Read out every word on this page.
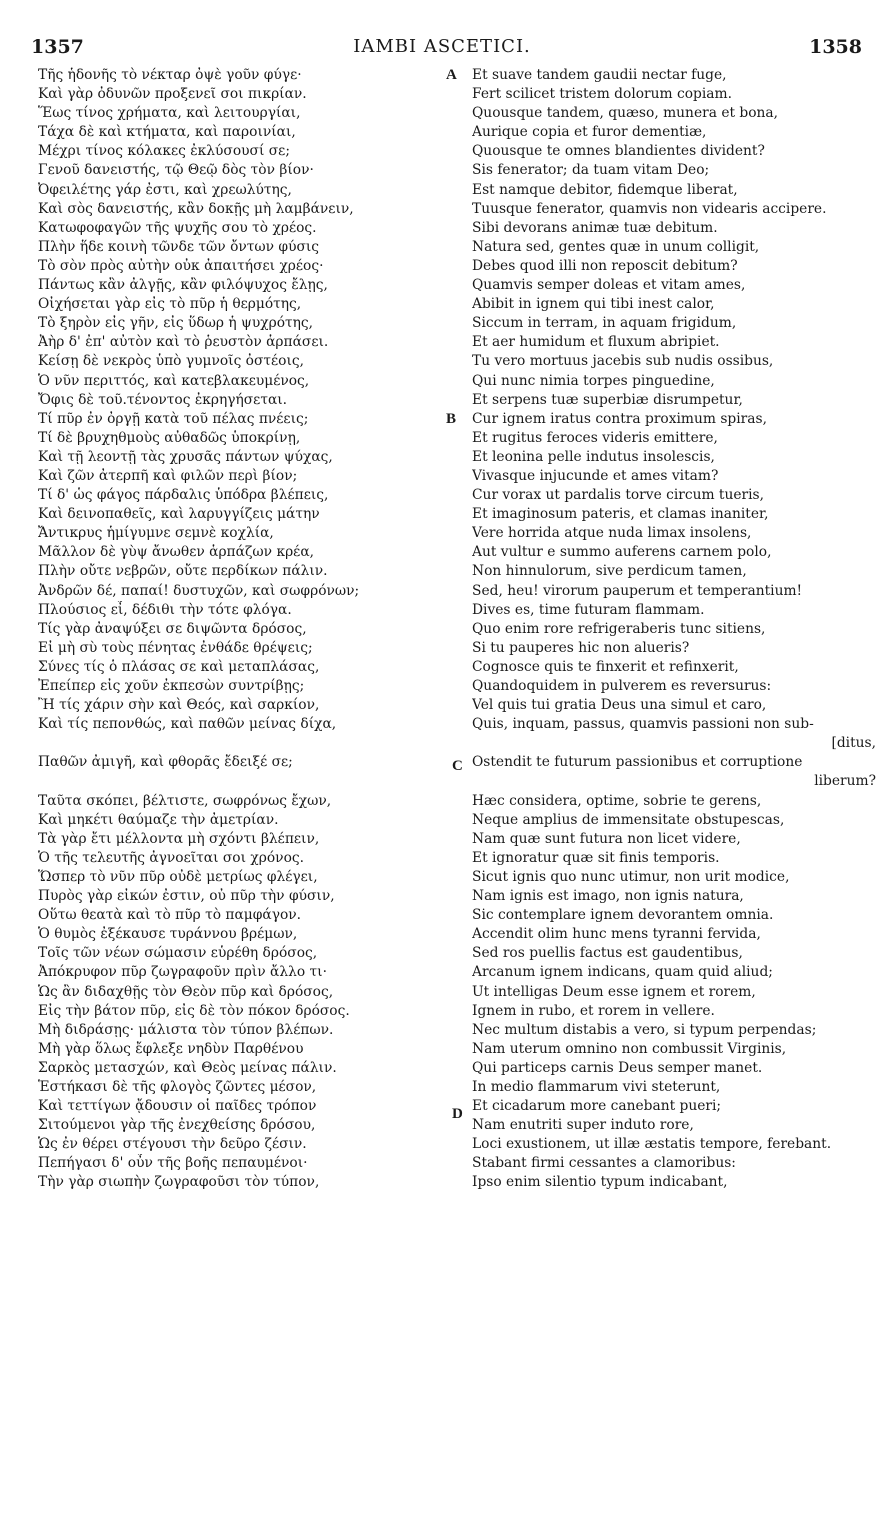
1357	IAMBI ASCETICI.	1358
A
B
C
D
Τῆς ἡδονῆς τὸ νέκταρ ὀψὲ γοῦν φύγε·
Καὶ γὰρ ὀδυνῶν προξενεῖ σοι πικρίαν.
Ἕως τίνος χρήματα, καὶ λειτουργίαι,
Τάχα δὲ καὶ κτήματα, καὶ παροινίαι,
Μέχρι τίνος κόλακες ἐκλύσουσί σε;
Γενοῦ δανειστής, τῷ Θεῷ δὸς τὸν βίον·
Ὀφειλέτης γάρ ἐστι, καὶ χρεωλύτης,
Καὶ σὸς δανειστής, κἂν δοκῇς μὴ λαμβάνειν,
Κατωφοφαγῶν τῆς ψυχῆς σου τὸ χρέος.
Πλὴν ἥδε κοινὴ τῶνδε τῶν ὄντων φύσις
Τὸ σὸν πρὸς αὐτὴν οὐκ ἀπαιτήσει χρέος·
Πάντως κἂν ἀλγῇς, κἂν φιλόψυχος ἔλῃς,
Οἰχήσεται γὰρ εἰς τὸ πῦρ ἡ θερμότης,
Τὸ ξηρὸν εἰς γῆν, εἰς ὕδωρ ἡ ψυχρότης,
Ἀὴρ δ' ἐπ' αὐτὸν καὶ τὸ ῥευστὸν ἁρπάσει.
Κείσῃ δὲ νεκρὸς ὑπὸ γυμνοῖς ὀστέοις,
Ὁ νῦν περιττός, καὶ κατεβλακευμένος,
Ὄφις δὲ τοῦ.τένοντος ἐκρηγήσεται.
Τί πῦρ ἐν ὀργῇ κατὰ τοῦ πέλας πνέεις;
Τί δὲ βρυχηθμοὺς αὐθαδῶς ὑποκρίνῃ,
Καὶ τῇ λεοντῇ τὰς χρυσᾶς πάντων ψύχας,
Καὶ ζῶν ἀτερπῆ καὶ φιλῶν περὶ βίον;
Τί δ' ὡς φάγος πάρδαλις ὑπόδρα βλέπεις,
Καὶ δεινοπαθεῖς, καὶ λαρυγγίζεις μάτην
Ἄντικρυς ἡμίγυμνε σεμνὲ κοχλία,
Μᾶλλον δὲ γὺψ ἄνωθεν ἁρπάζων κρέα,
Πλὴν οὔτε νεβρῶν, οὔτε περδίκων πάλιν.
Ἀνδρῶν δέ, παπαί! δυστυχῶν, καὶ σωφρόνων;
Πλούσιος εἶ, δέδιθι τὴν τότε φλόγα.
Τίς γὰρ ἀναψύξει σε διψῶντα δρόσος,
Εἰ μὴ σὺ τοὺς πένητας ἐνθάδε θρέψεις;
Σύνες τίς ὁ πλάσας σε καὶ μεταπλάσας,
Ἐπείπερ εἰς χοῦν ἐκπεσὼν συντρίβῃς;
Ἢ τίς χάριν σὴν καὶ Θεός, καὶ σαρκίον,
Καὶ τίς πεπονθώς, καὶ παθῶν μείνας δίχα,
Παθῶν ἀμιγῆ, καὶ φθορᾶς ἔδειξέ σε;
Ταῦτα σκόπει, βέλτιστε, σωφρόνως ἔχων,
Καὶ μηκέτι θαύμαζε τὴν ἀμετρίαν.
Τὰ γὰρ ἔτι μέλλοντα μὴ σχόντι βλέπειν,
Ὁ τῆς τελευτῆς ἀγνοεῖται σοι χρόνος.
Ὥσπερ τὸ νῦν πῦρ οὐδὲ μετρίως φλέγει,
Πυρὸς γὰρ εἰκών ἐστιν, οὐ πῦρ τὴν φύσιν,
Οὕτω θεατὰ καὶ τὸ πῦρ τὸ παμφάγον.
Ὁ θυμὸς ἐξέκαυσε τυράννου βρέμων,
Τοῖς τῶν νέων σώμασιν εὑρέθη δρόσος,
Ἀπόκρυφον πῦρ ζωγραφοῦν πρὶν ἄλλο τι·
Ὡς ἂν διδαχθῇς τὸν Θεὸν πῦρ καὶ δρόσος,
Εἰς τὴν βάτον πῦρ, εἰς δὲ τὸν πόκον δρόσος.
Μὴ διδράσῃς· μάλιστα τὸν τύπον βλέπων.
Μὴ γὰρ ὅλως ἔφλεξε νηδὺν Παρθένου
Σαρκὸς μετασχών, καὶ Θεὸς μείνας πάλιν.
Ἑστήκασι δὲ τῆς φλογὸς ζῶντες μέσον,
Καὶ τεττίγων ᾄδουσιν οἱ παῖδες τρόπον
Σιτούμενοι γὰρ τῆς ἐνεχθείσης δρόσου,
Ὡς ἐν θέρει στέγουσι τὴν δεῦρο ζέσιν.
Πεπήγασι δ' οὖν τῆς βοῆς πεπαυμένοι·
Τὴν γὰρ σιωπὴν ζωγραφοῦσι τὸν τύπον,
Et suave tandem gaudii nectar fuge,
Fert scilicet tristem dolorum copiam.
Quousque tandem, quæso, munera et bona,
Aurique copia et furor dementiæ,
Quousque te omnes blandientes divident?
Sis fenerator; da tuam vitam Deo;
Est namque debitor, fidemque liberat,
Tuusque fenerator, quamvis non videaris accipere.
Sibi devorans animæ tuæ debitum.
Natura sed, gentes quæ in unum colligit,
Debes quod illi non reposcit debitum?
Quamvis semper doleas et vitam ames,
Abibit in ignem qui tibi inest calor,
Siccum in terram, in aquam frigidum,
Et aer humidum et fluxum abripiet.
Tu vero mortuus jacebis sub nudis ossibus,
Qui nunc nimia torpes pinguedine,
Et serpens tuæ superbiæ disrumpetur,
Cur ignem iratus contra proximum spiras,
Et rugitus feroces videris emittere,
Et leonina pelle indutus insolescis,
Vivasque injucunde et ames vitam?
Cur vorax ut pardalis torve circum tueris,
Et imaginosum pateris, et clamas inaniter,
Vere horrida atque nuda limax insolens,
Aut vultur e summo auferens carnem polo,
Non hinnulorum, sive perdicum tamen,
Sed, heu! virorum pauperum et temperantium!
Dives es, time futuram flammam.
Quo enim rore refrigeraberis tunc sitiens,
Si tu pauperes hic non alueris?
Cognosce quis te finxerit et refinxerit,
Quandoquidem in pulverem es reversurus:
Vel quis tui gratia Deus una simul et caro,
Quis, inquam, passus, quamvis passioni non sub-
[ditus,
Ostendit te futurum passionibus et corruptione
liberum?
Hæc considera, optime, sobrie te gerens,
Neque amplius de immensitate obstupescas,
Nam quæ sunt futura non licet videre,
Et ignoratur quæ sit finis temporis.
Sicut ignis quo nunc utimur, non urit modice,
Nam ignis est imago, non ignis natura,
Sic contemplare ignem devorantem omnia.
Accendit olim hunc mens tyranni fervida,
Sed ros puellis factus est gaudentibus,
Arcanum ignem indicans, quam quid aliud;
Ut intelligas Deum esse ignem et rorem,
Ignem in rubo, et rorem in vellere.
Nec multum distabis a vero, si typum perpendas;
Nam uterum omnino non combussit Virginis,
Qui particeps carnis Deus semper manet.
In medio flammarum vivi steterunt,
Et cicadarum more canebant pueri;
Nam enutriti super induto rore,
Loci exustionem, ut illæ æstatis tempore, ferebant.
Stabant firmi cessantes a clamoribus:
Ipso enim silentio typum indicabant,
